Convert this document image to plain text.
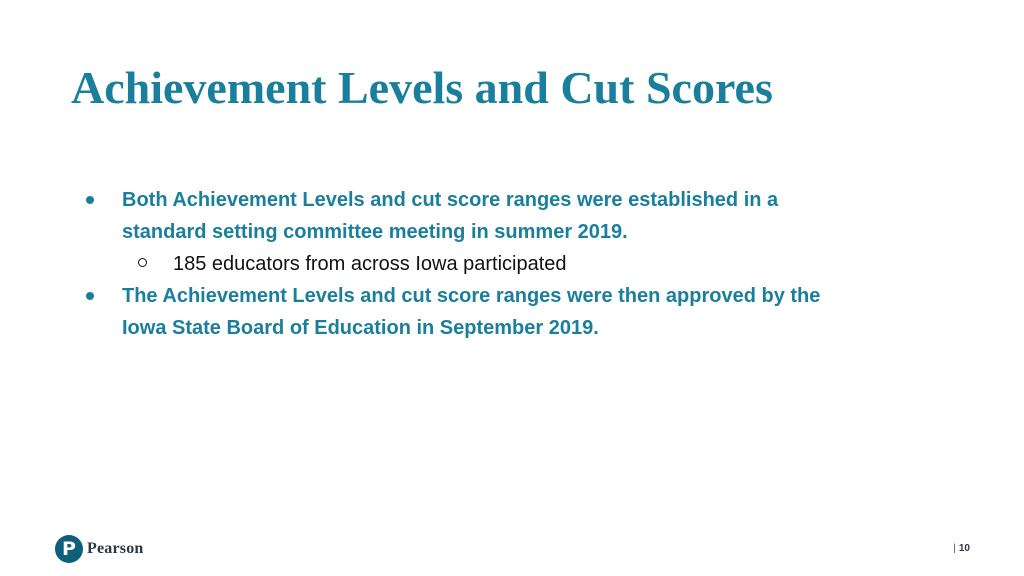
Achievement Levels and Cut Scores
Both Achievement Levels and cut score ranges were established in a standard setting committee meeting in summer 2019.
185 educators from across Iowa participated
The Achievement Levels and cut score ranges were then approved by the Iowa State Board of Education in September 2019.
P Pearson	| 10
